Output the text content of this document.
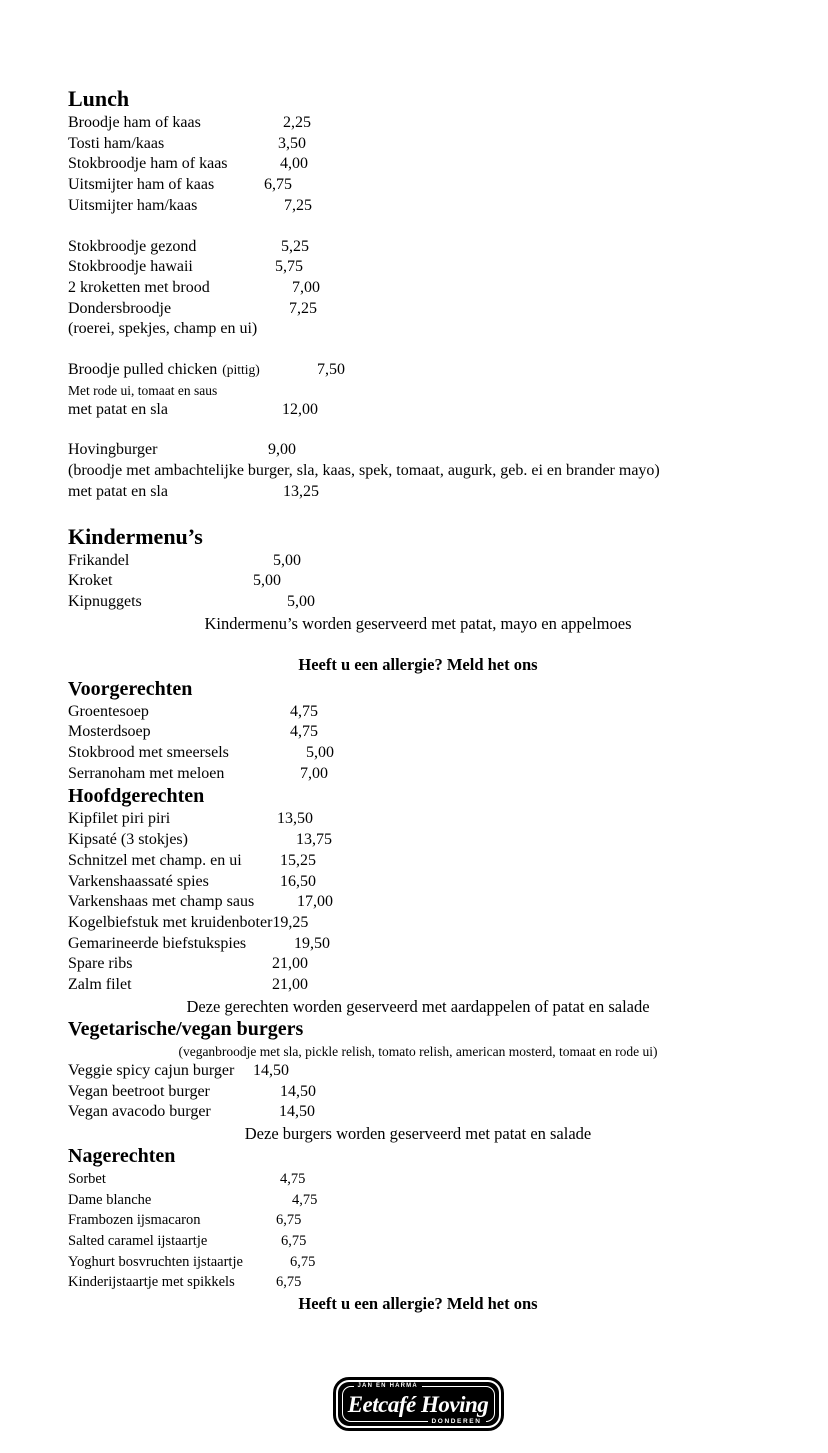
Lunch
Broodje ham of kaas	2,25
Tosti ham/kaas	3,50
Stokbroodje ham of kaas	4,00
Uitsmijter ham of kaas	6,75
Uitsmijter ham/kaas	7,25
Stokbroodje gezond	5,25
Stokbroodje hawaii	5,75
2 kroketten met brood	7,00
Dondersbroodje	7,25
(roerei, spekjes, champ en ui)
Broodje pulled chicken (pittig)	7,50
Met rode ui, tomaat en saus
met patat en sla	12,00
Hovingburger	9,00
(broodje met ambachtelijke burger, sla, kaas, spek, tomaat, augurk, geb. ei en brander mayo)
met patat en sla	13,25
Kindermenu’s
Frikandel	5,00
Kroket	5,00
Kipnuggets	5,00
Kindermenu’s worden geserveerd met patat, mayo en appelmoes
Heeft u een allergie? Meld het ons
Voorgerechten
Groentesoep	4,75
Mosterdsoep	4,75
Stokbrood met smeersels	5,00
Serranoham met meloen	7,00
Hoofdgerechten
Kipfilet piri piri	13,50
Kipsaté (3 stokjes)	13,75
Schnitzel met champ. en ui 15,25
Varkenshaassaté spies	16,50
Varkenshaas met champ saus	17,00
Kogelbiefstuk met kruidenboter19,25
Gemarineerde biefstukspies	19,50
Spare ribs	21,00
Zalm filet	21,00
Deze gerechten worden geserveerd met aardappelen of patat en salade
Vegetarische/vegan burgers
(veganbroodje met sla, pickle relish, tomato relish, american mosterd, tomaat en rode ui)
Veggie spicy cajun burger 14,50
Vegan beetroot burger	14,50
Vegan avacodo burger	14,50
Deze burgers worden geserveerd met patat en salade
Nagerechten
Sorbet	4,75
Dame blanche	4,75
Frambozen ijsmacaron	6,75
Salted caramel ijstaartje	6,75
Yoghurt bosvruchten ijstaartje	6,75
Kinderijstaartje met spikkels	6,75
Heeft u een allergie? Meld het ons
JAN EN HARMA
Eetcafé Hoving
DONDEREN
